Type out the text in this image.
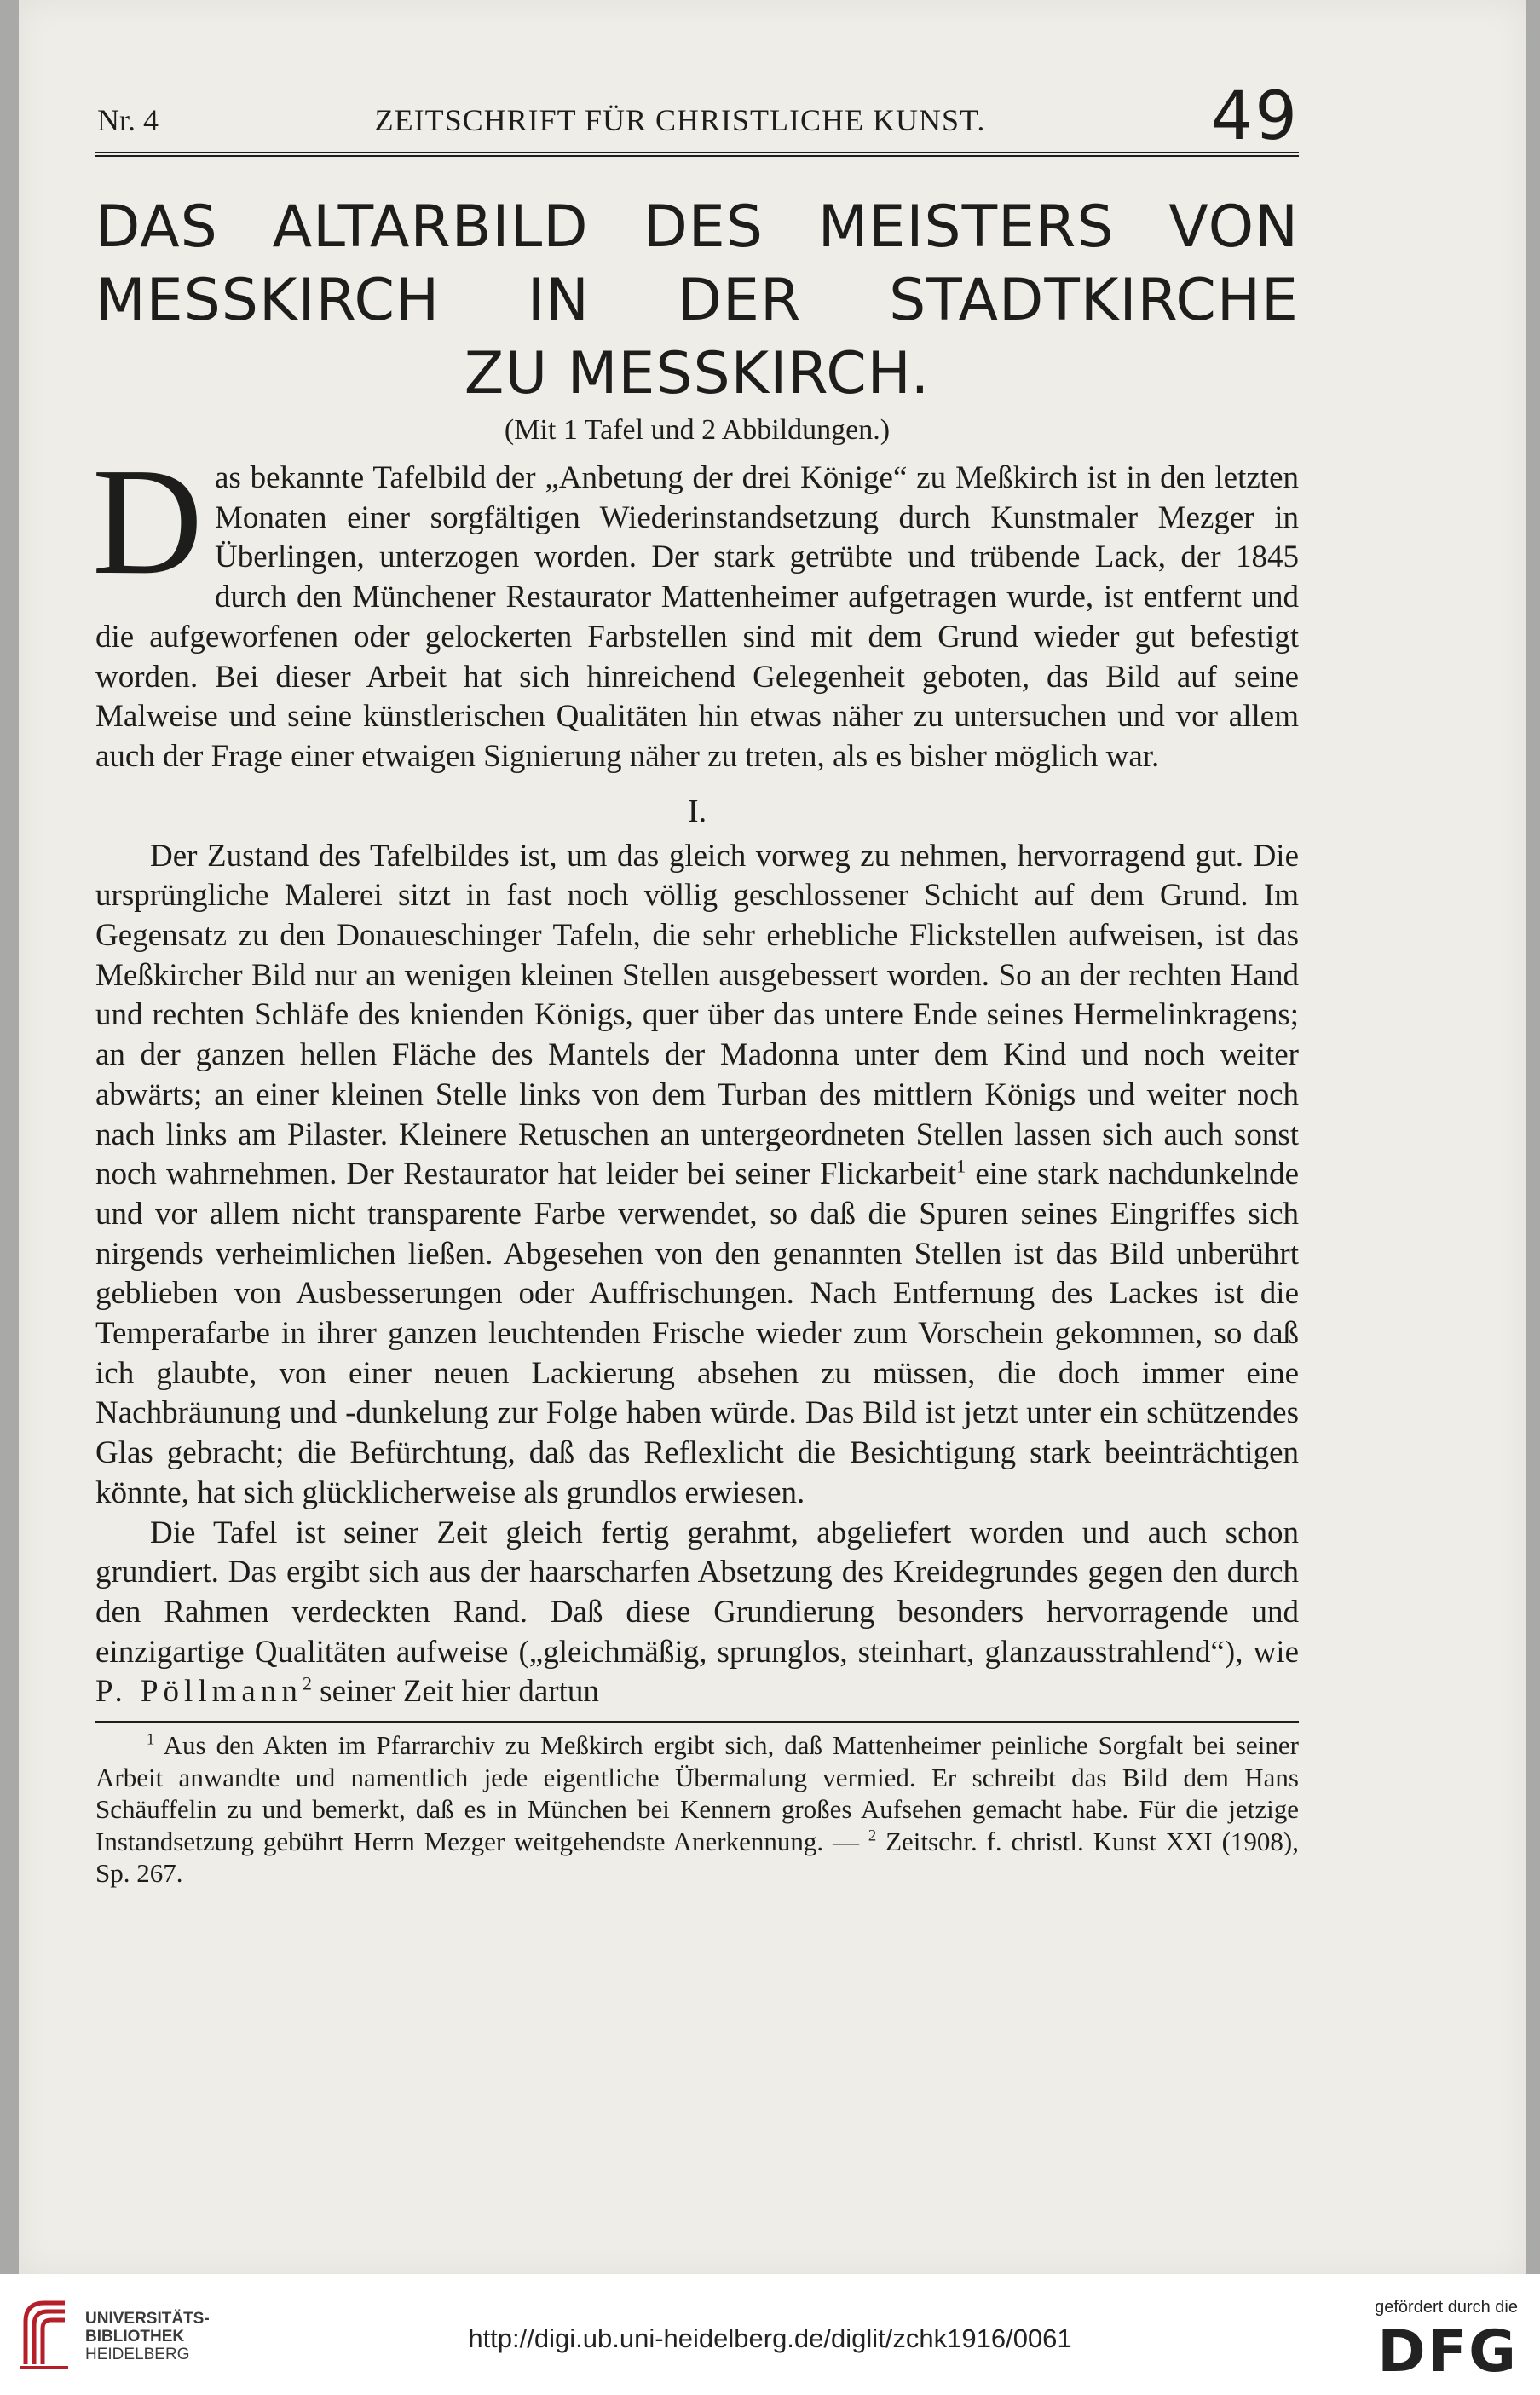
Nr. 4	ZEITSCHRIFT FÜR CHRISTLICHE KUNST.	49
DAS ALTARBILD DES MEISTERS VON
MESSKIRCH IN DER STADTKIRCHE
ZU MESSKIRCH.
(Mit 1 Tafel und 2 Abbildungen.)

Das bekannte Tafelbild der „Anbetung der drei Könige“ zu Meßkirch ist in den letzten Monaten einer sorgfältigen Wiederinstandsetzung durch Kunstmaler Mezger in Überlingen, unterzogen worden. Der stark getrübte und trübende Lack, der 1845 durch den Münchener Restaurator Mattenheimer aufgetragen wurde, ist entfernt und die aufgeworfenen oder gelockerten Farbstellen sind mit dem Grund wieder gut befestigt worden. Bei dieser Arbeit hat sich hinreichend Gelegenheit geboten, das Bild auf seine Malweise und seine künstlerischen Qualitäten hin etwas näher zu untersuchen und vor allem auch der Frage einer etwaigen Signierung näher zu treten, als es bisher möglich war.

I.

Der Zustand des Tafelbildes ist, um das gleich vorweg zu nehmen, hervorragend gut. Die ursprüngliche Malerei sitzt in fast noch völlig geschlossener Schicht auf dem Grund. Im Gegensatz zu den Donaueschinger Tafeln, die sehr erhebliche Flickstellen aufweisen, ist das Meßkircher Bild nur an wenigen kleinen Stellen ausgebessert worden. So an der rechten Hand und rechten Schläfe des knienden Königs, quer über das untere Ende seines Hermelinkragens; an der ganzen hellen Fläche des Mantels der Madonna unter dem Kind und noch weiter abwärts; an einer kleinen Stelle links von dem Turban des mittlern Königs und weiter noch nach links am Pilaster. Kleinere Retuschen an untergeordneten Stellen lassen sich auch sonst noch wahrnehmen. Der Restaurator hat leider bei seiner Flickarbeit$^1$ eine stark nachdunkelnde und vor allem nicht transparente Farbe verwendet, so daß die Spuren seines Eingriffes sich nirgends verheimlichen ließen. Abgesehen von den genannten Stellen ist das Bild unberührt geblieben von Ausbesserungen oder Auffrischungen. Nach Entfernung des Lackes ist die Temperafarbe in ihrer ganzen leuchtenden Frische wieder zum Vorschein gekommen, so daß ich glaubte, von einer neuen Lackierung absehen zu müssen, die doch immer eine Nachbräunung und -dunkelung zur Folge haben würde. Das Bild ist jetzt unter ein schützendes Glas gebracht; die Befürchtung, daß das Reflexlicht die Besichtigung stark beeinträchtigen könnte, hat sich glücklicherweise als grundlos erwiesen.

Die Tafel ist seiner Zeit gleich fertig gerahmt, abgeliefert worden und auch schon grundiert. Das ergibt sich aus der haarscharfen Absetzung des Kreidegrundes gegen den durch den Rahmen verdeckten Rand. Daß diese Grundierung besonders hervorragende und einzigartige Qualitäten aufweise („gleichmäßig, sprunglos, steinhart, glanzausstrahlend“), wie P. Pöllmann$^2$ seiner Zeit hier dartun

$^1$ Aus den Akten im Pfarrarchiv zu Meßkirch ergibt sich, daß Mattenheimer peinliche Sorgfalt bei seiner Arbeit anwandte und namentlich jede eigentliche Übermalung vermied. Er schreibt das Bild dem Hans Schäuffelin zu und bemerkt, daß es in München bei Kennern großes Aufsehen gemacht habe. Für die jetzige Instandsetzung gebührt Herrn Mezger weitgehendste Anerkennung. — $^2$ Zeitschr. f. christl. Kunst XXI (1908), Sp. 267.

UNIVERSITÄTS-
BIBLIOTHEK
HEIDELBERG
http://digi.ub.uni-heidelberg.de/diglit/zchk1916/0061
gefördert durch die
DFG
